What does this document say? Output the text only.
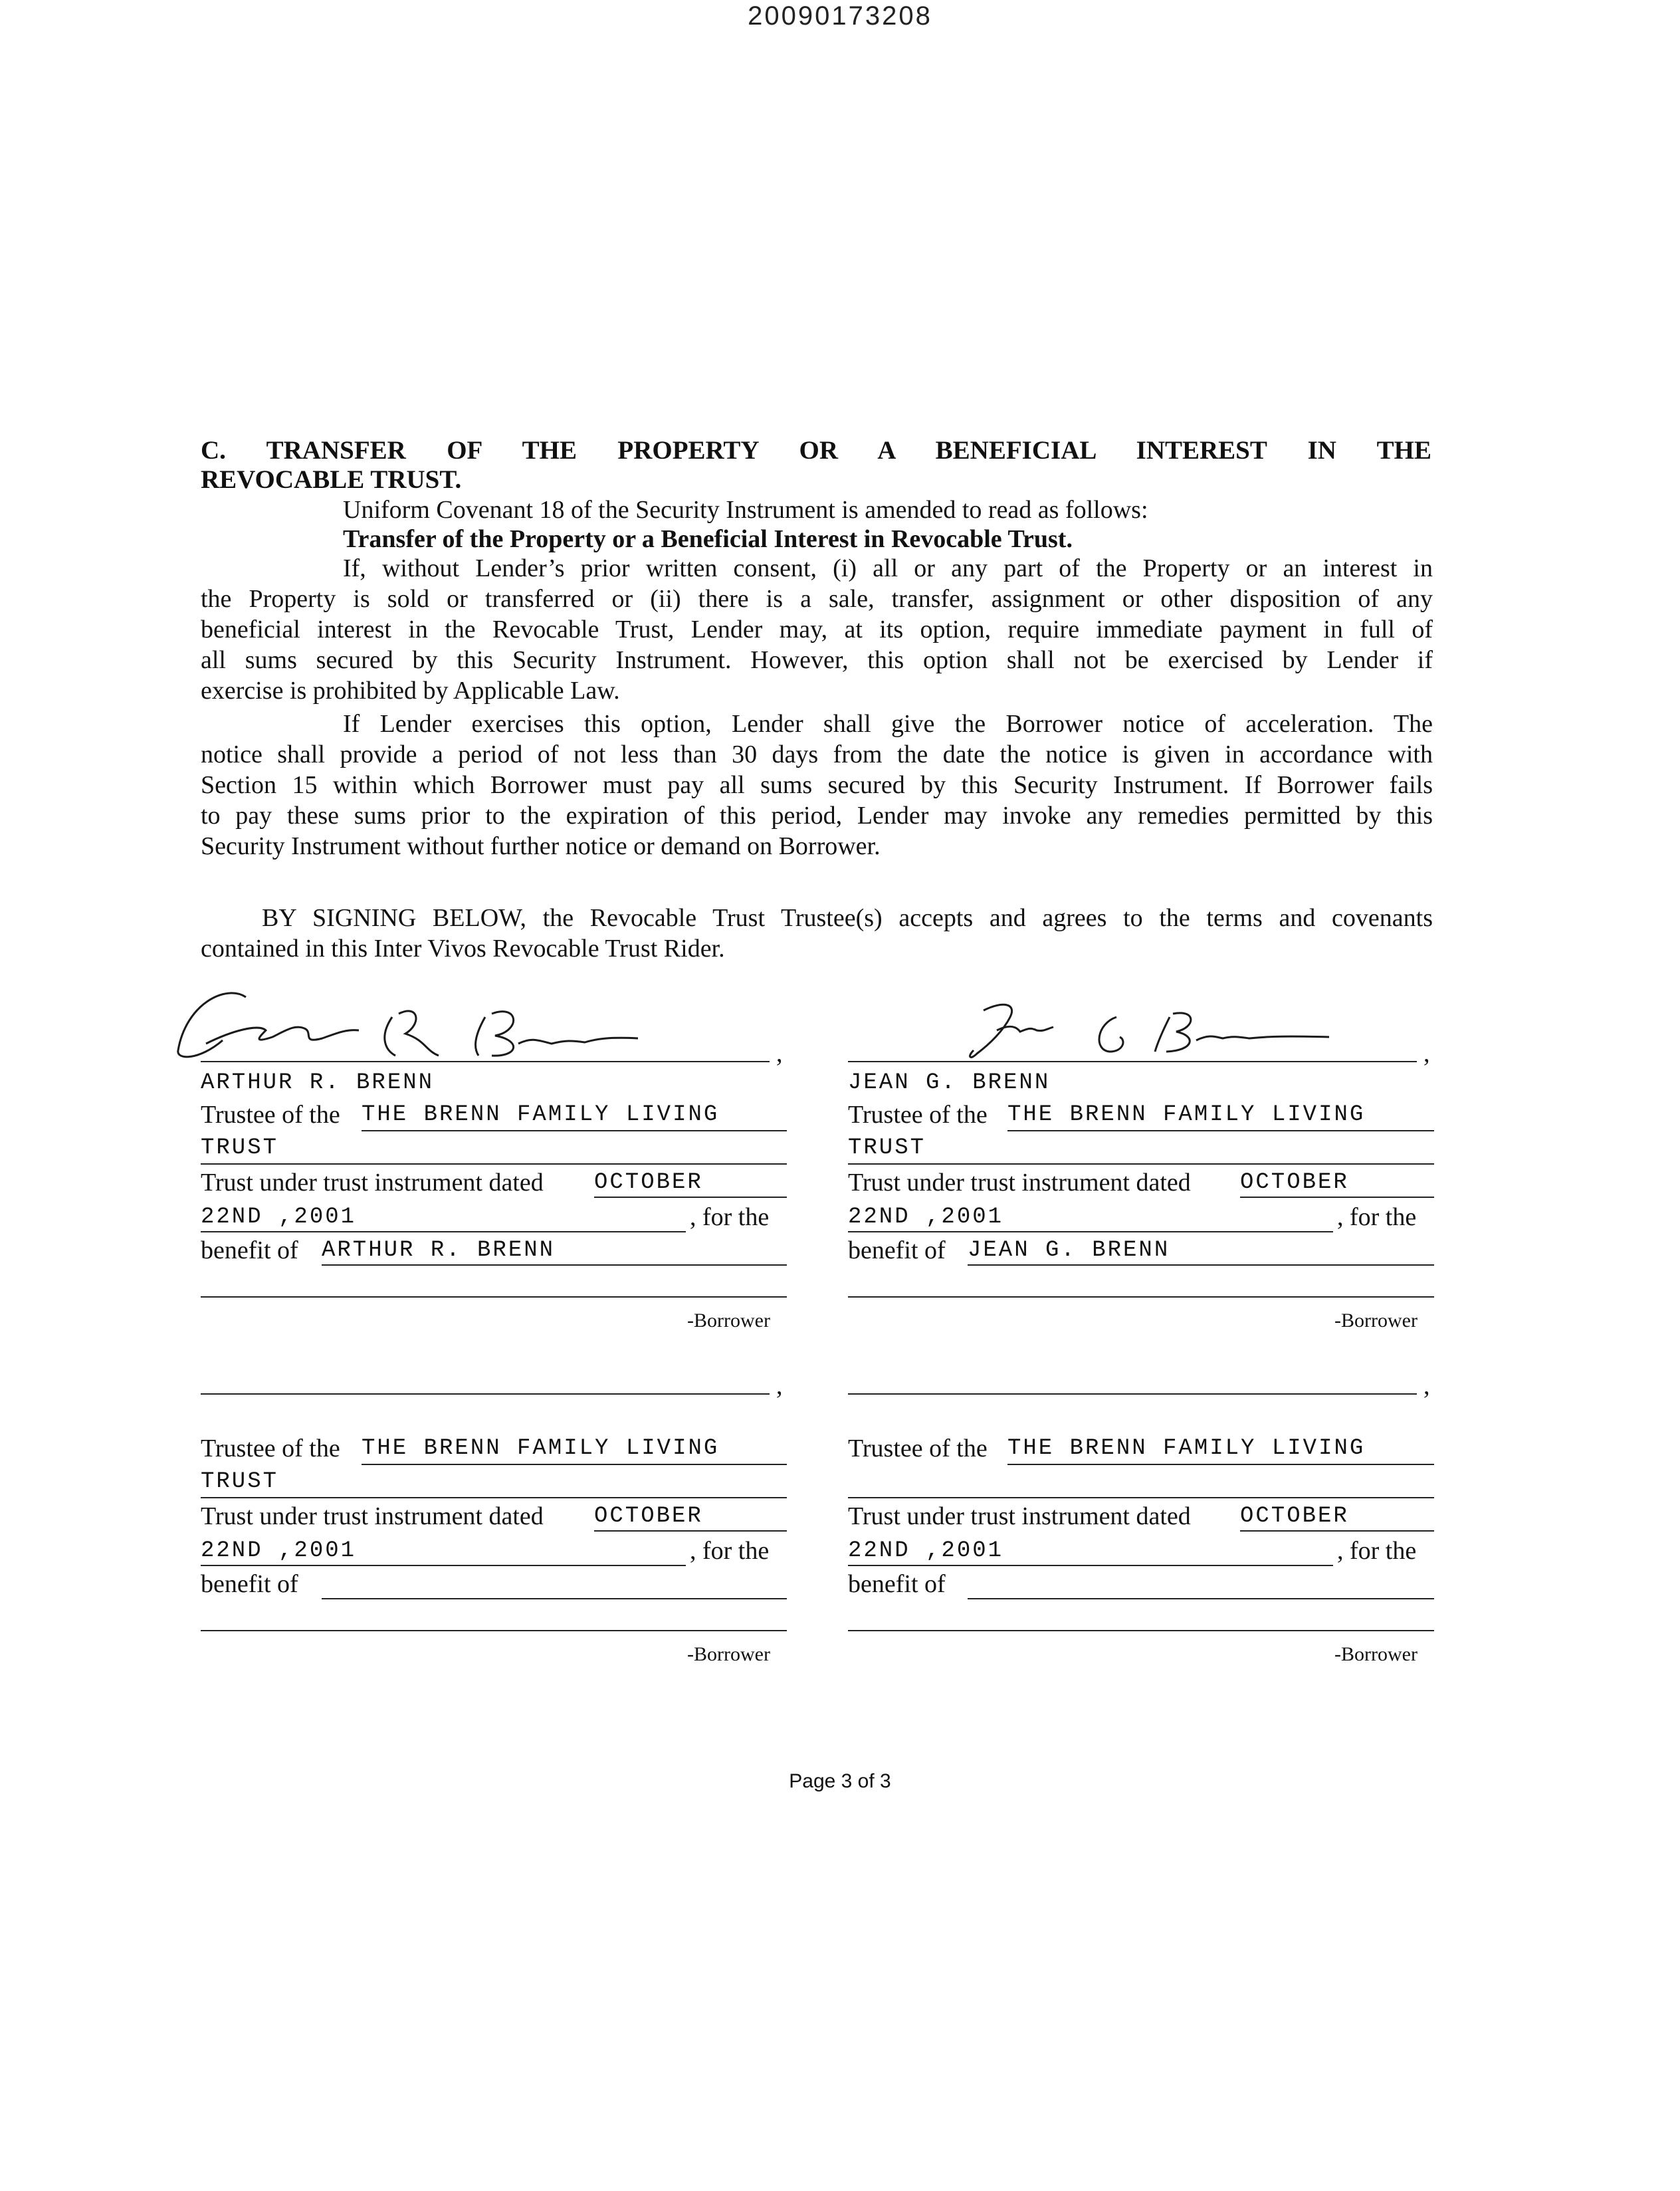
20090173208
C. TRANSFER OF THE PROPERTY OR A BENEFICIAL INTEREST IN THE
REVOCABLE TRUST.
Uniform Covenant 18 of the Security Instrument is amended to read as follows:
Transfer of the Property or a Beneficial Interest in Revocable Trust.
If, without Lender’s prior written consent, (i) all or any part of the Property or an interest in
the Property is sold or transferred or (ii) there is a sale, transfer, assignment or other disposition of any
beneficial interest in the Revocable Trust, Lender may, at its option, require immediate payment in full of
all sums secured by this Security Instrument. However, this option shall not be exercised by Lender if
exercise is prohibited by Applicable Law.
If Lender exercises this option, Lender shall give the Borrower notice of acceleration. The
notice shall provide a period of not less than 30 days from the date the notice is given in accordance with
Section 15 within which Borrower must pay all sums secured by this Security Instrument. If Borrower fails
to pay these sums prior to the expiration of this period, Lender may invoke any remedies permitted by this
Security Instrument without further notice or demand on Borrower.
BY SIGNING BELOW, the Revocable Trust Trustee(s) accepts and agrees to the terms and covenants
contained in this Inter Vivos Revocable Trust Rider.
,
ARTHUR R. BRENN
Trustee of the THE BRENN FAMILY LIVING
TRUST
Trust under trust instrument dated OCTOBER
22ND ,2001	, for the
benefit of ARTHUR R. BRENN
-Borrower
,
JEAN G. BRENN
Trustee of the THE BRENN FAMILY LIVING
TRUST
Trust under trust instrument dated OCTOBER
22ND ,2001	, for the
benefit of JEAN G. BRENN
-Borrower
,
Trustee of the THE BRENN FAMILY LIVING
TRUST
Trust under trust instrument dated OCTOBER
22ND ,2001	, for the
benefit of
-Borrower
,
Trustee of the THE BRENN FAMILY LIVING
Trust under trust instrument dated OCTOBER
22ND ,2001	, for the
benefit of
-Borrower
Page 3 of 3
